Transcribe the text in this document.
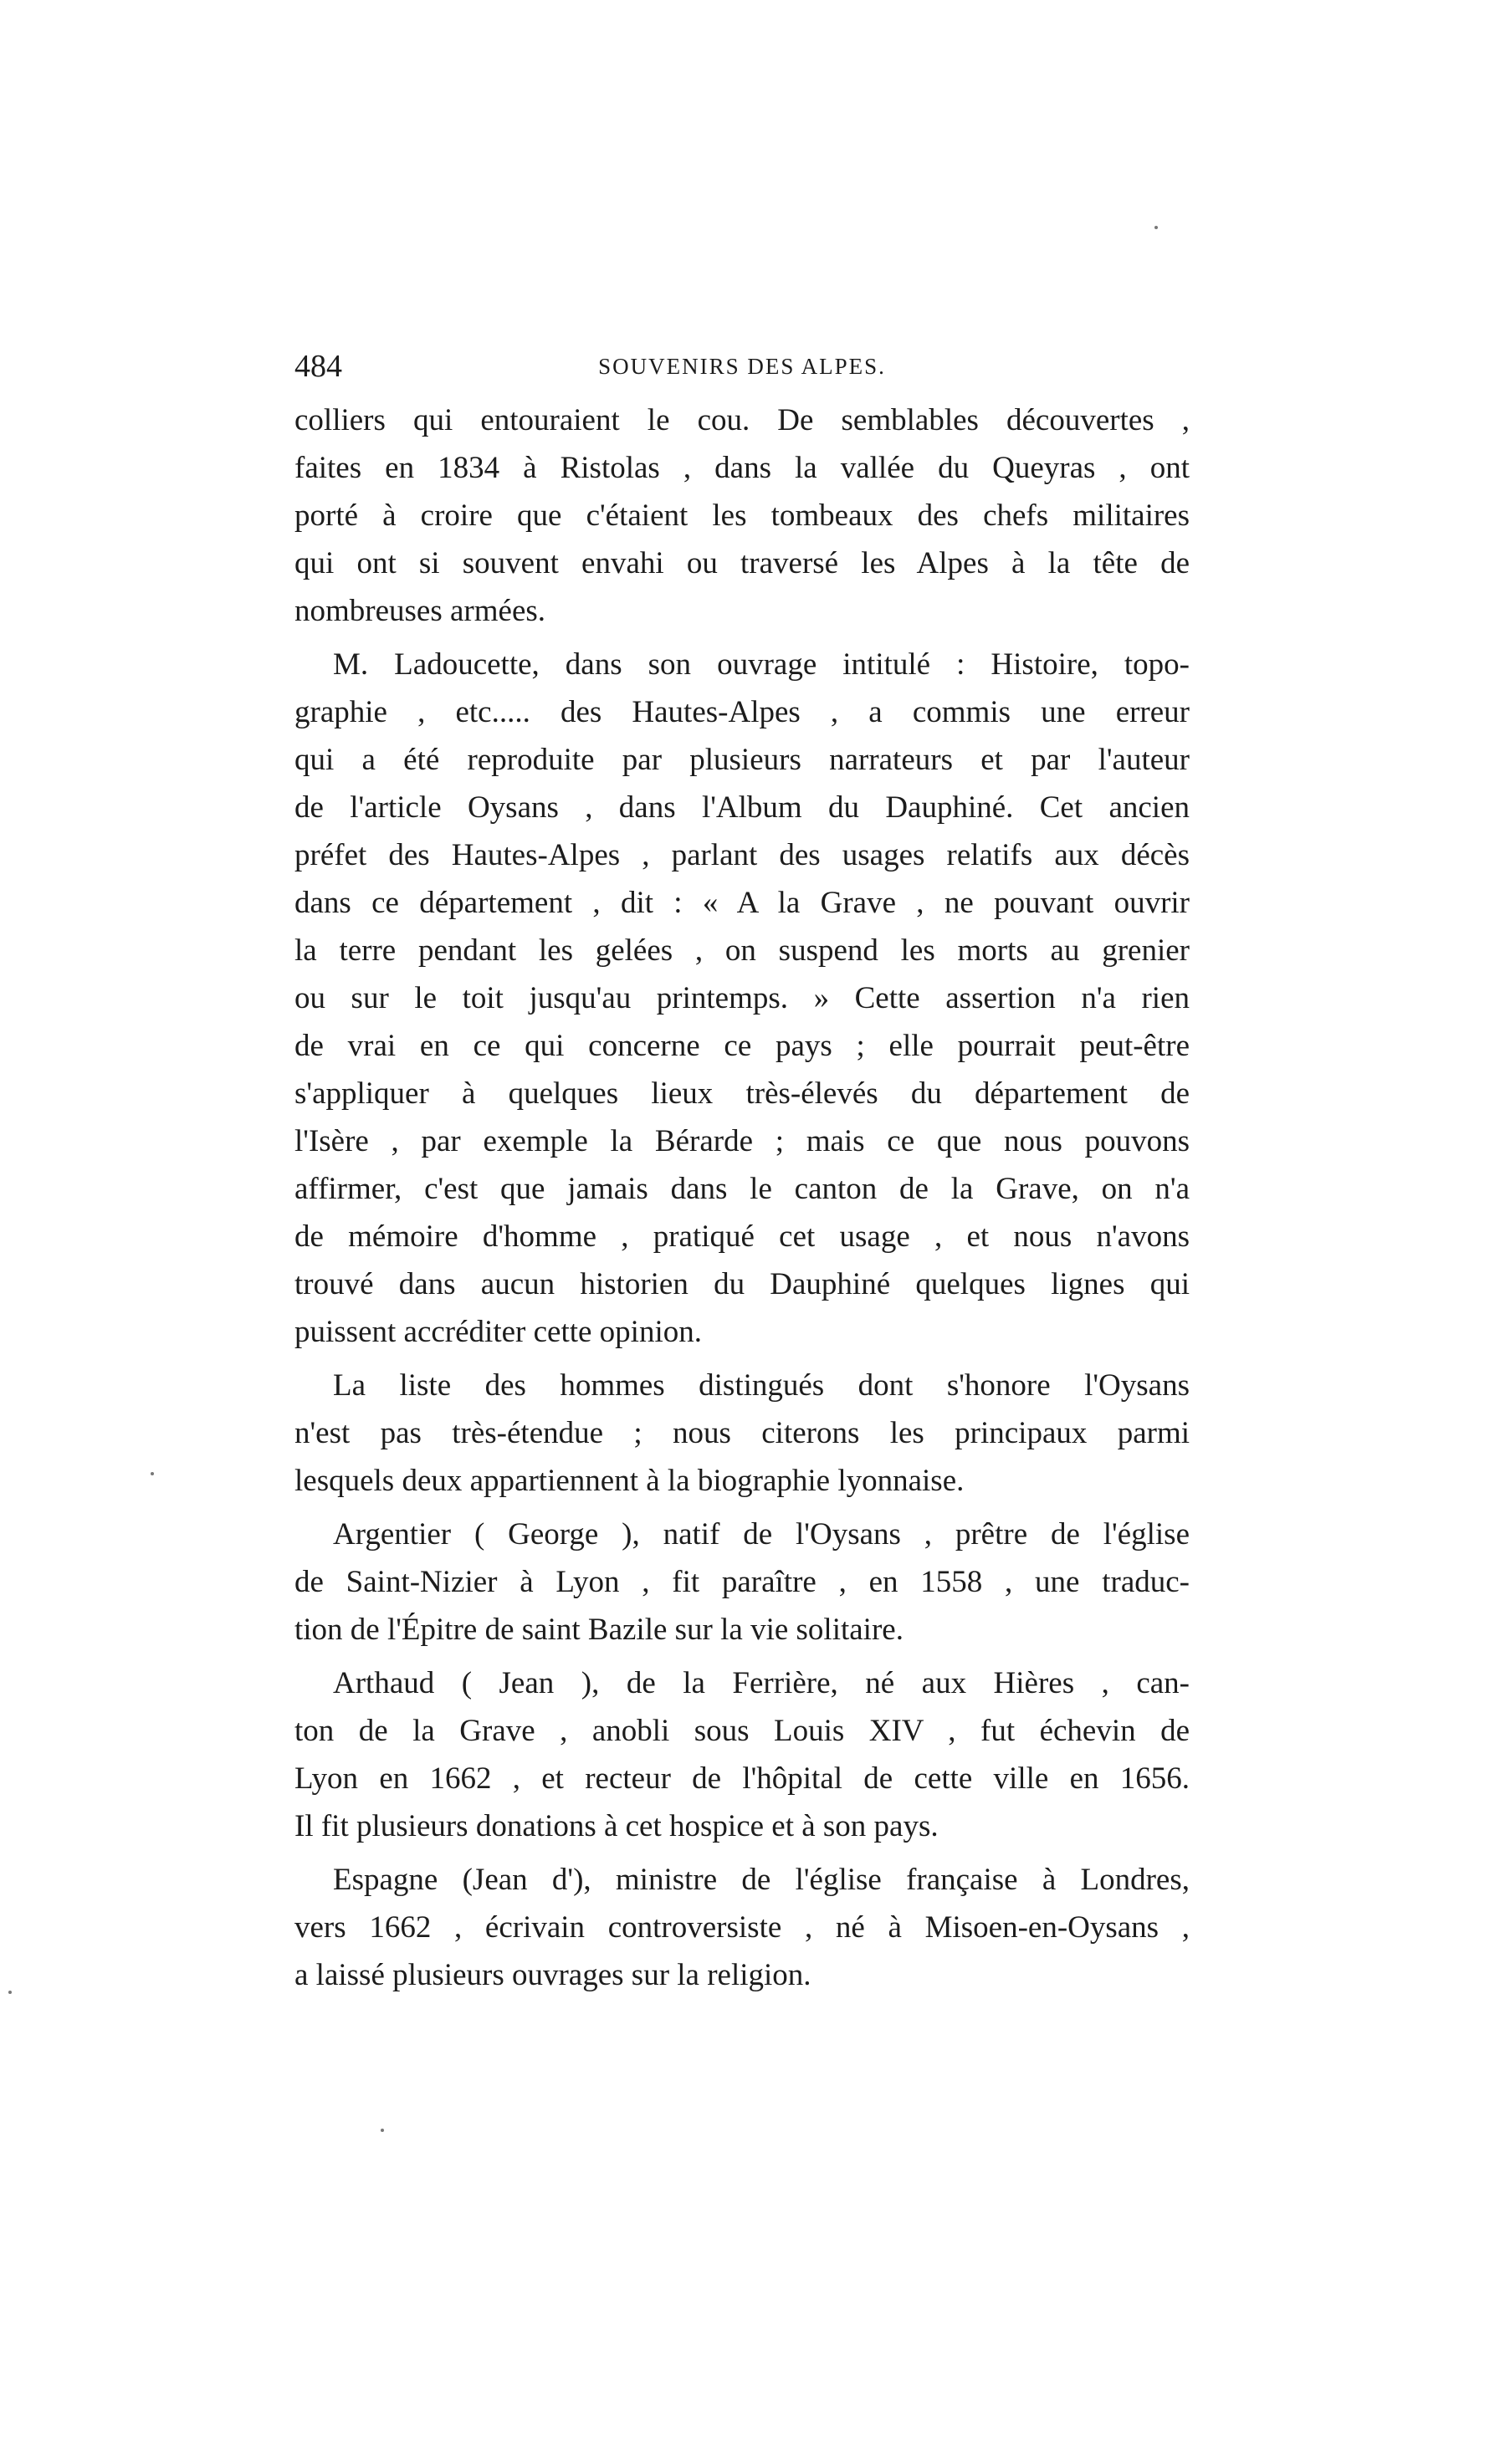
484	SOUVENIRS DES ALPES.

colliers qui entouraient le cou. De semblables découvertes ,
faites en 1834 à Ristolas , dans la vallée du Queyras , ont
porté à croire que c'étaient les tombeaux des chefs militaires
qui ont si souvent envahi ou traversé les Alpes à la tête de
nombreuses armées.

M. Ladoucette, dans son ouvrage intitulé : Histoire, topo-
graphie , etc..... des Hautes-Alpes , a commis une erreur
qui a été reproduite par plusieurs narrateurs et par l'auteur
de l'article Oysans , dans l'Album du Dauphiné. Cet ancien
préfet des Hautes-Alpes , parlant des usages relatifs aux décès
dans ce département , dit : « A la Grave , ne pouvant ouvrir
la terre pendant les gelées , on suspend les morts au grenier
ou sur le toit jusqu'au printemps. » Cette assertion n'a rien
de vrai en ce qui concerne ce pays ; elle pourrait peut-être
s'appliquer à quelques lieux très-élevés du département de
l'Isère , par exemple la Bérarde ; mais ce que nous pouvons
affirmer, c'est que jamais dans le canton de la Grave, on n'a
de mémoire d'homme , pratiqué cet usage , et nous n'avons
trouvé dans aucun historien du Dauphiné quelques lignes qui
puissent accréditer cette opinion.

La liste des hommes distingués dont s'honore l'Oysans
n'est pas très-étendue ; nous citerons les principaux parmi
lesquels deux appartiennent à la biographie lyonnaise.

Argentier ( George ), natif de l'Oysans , prêtre de l'église
de Saint-Nizier à Lyon , fit paraître , en 1558 , une traduc-
tion de l'Épitre de saint Bazile sur la vie solitaire.

Arthaud ( Jean ), de la Ferrière, né aux Hières , can-
ton de la Grave , anobli sous Louis XIV , fut échevin de
Lyon en 1662 , et recteur de l'hôpital de cette ville en 1656.
Il fit plusieurs donations à cet hospice et à son pays.

Espagne (Jean d'), ministre de l'église française à Londres,
vers 1662 , écrivain controversiste , né à Misoen-en-Oysans ,
a laissé plusieurs ouvrages sur la religion.
